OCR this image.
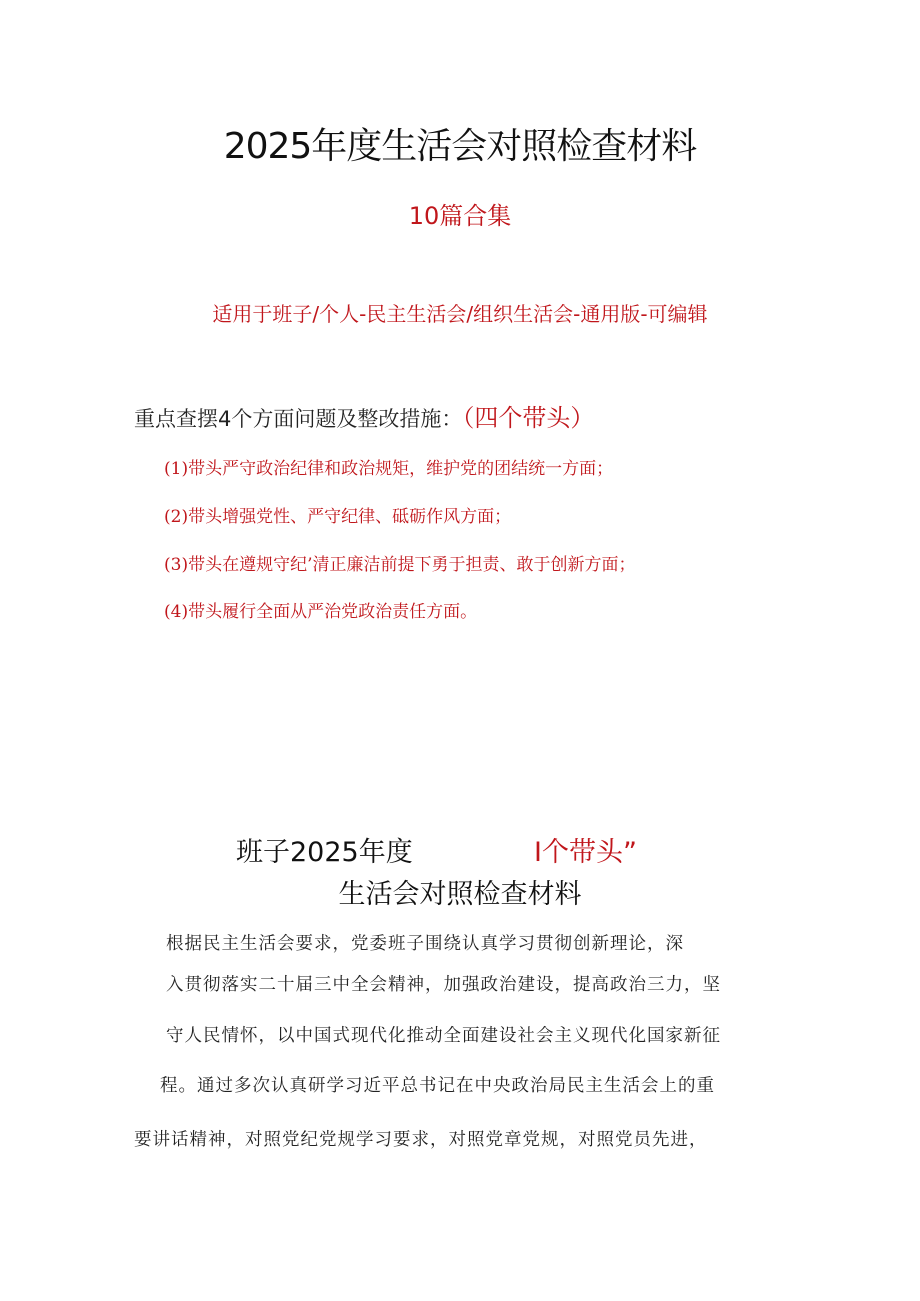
2025年度生活会对照检查材料
10篇合集
适用于班子/个人-民主生活会/组织生活会-通用版-可编辑
重点查摆4个方面问题及整改措施：（四个带头）
(1)带头严守政治纪律和政治规矩，维护党的团结统一方面；
(2)带头增强党性、严守纪律、砥砺作风方面；
(3)带头在遵规守纪’清正廉洁前提下勇于担责、敢于创新方面；
(4)带头履行全面从严治党政治责任方面。
班子2025年度	I个带头”
生活会对照检查材料
根据民主生活会要求，党委班子围绕认真学习贯彻创新理论，深
入贯彻落实二十届三中全会精神，加强政治建设，提高政治三力，坚
守人民情怀，以中国式现代化推动全面建设社会主义现代化国家新征
程。通过多次认真研学习近平总书记在中央政治局民主生活会上的重
要讲话精神，对照党纪党规学习要求，对照党章党规，对照党员先进，
